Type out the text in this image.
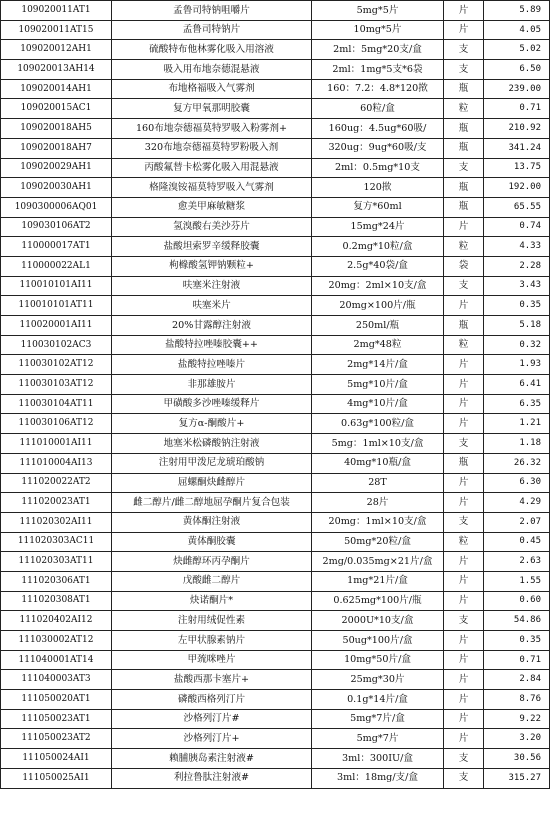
109020011AT1	孟鲁司特钠咀嚼片	5mg*5片	片	5.89
109020011AT15	孟鲁司特钠片	10mg*5片	片	4.05
109020012AH1	硫酸特布他林雾化吸入用溶液	2ml：5mg*20支/盒	支	5.02
109020013AH14	吸入用布地奈德混悬液	2ml：1mg*5支*6袋	支	6.50
109020014AH1	布地格福吸入气雾剂	160：7.2：4.8*120揿	瓶	239.00
109020015AC1	复方甲氧那明胶囊	60粒/盒	粒	0.71
109020018AH5	160布地奈德福莫特罗吸入粉雾剂+	160ug：4.5ug*60吸/	瓶	210.92
109020018AH7	320布地奈德福莫特罗粉吸入剂	320ug：9ug*60吸/支	瓶	341.24
109020029AH1	丙酸氟替卡松雾化吸入用混悬液	2ml：0.5mg*10支	支	13.75
109020030AH1	格隆溴铵福莫特罗吸入气雾剂	120揿	瓶	192.00
1090300006AQ01	愈美甲麻敏糖浆	复方*60ml	瓶	65.55
109030106AT2	氢溴酸右美沙芬片	15mg*24片	片	0.74
110000017AT1	盐酸坦索罗辛缓释胶囊	0.2mg*10粒/盒	粒	4.33
110000022AL1	枸橼酸氢钾钠颗粒+	2.5g*40袋/盒	袋	2.28
110010101AI11	呋塞米注射液	20mg：2ml×10支/盒	支	3.43
110010101AT11	呋塞米片	20mg×100片/瓶	片	0.35
110020001AI11	20%甘露醇注射液	250ml/瓶	瓶	5.18
110030102AC3	盐酸特拉唑嗪胶囊++	2mg*48粒	粒	0.32
110030102AT12	盐酸特拉唑嗪片	2mg*14片/盒	片	1.93
110030103AT12	非那雄胺片	5mg*10片/盒	片	6.41
110030104AT11	甲磺酸多沙唑嗪缓释片	4mg*10片/盒	片	6.35
110030106AT12	复方α-酮酸片+	0.63g*100粒/盒	片	1.21
111010001AI11	地塞米松磷酸钠注射液	5mg：1ml×10支/盒	支	1.18
111010004AI13	注射用甲泼尼龙琥珀酸钠	40mg*10瓶/盒	瓶	26.32
111020022AT2	屈螺酮炔雌醇片	28T	片	6.30
111020023AT1	雌二醇片/雌二醇地屈孕酮片复合包装	28片	片	4.29
111020302AI11	黄体酮注射液	20mg：1ml×10支/盒	支	2.07
111020303AC11	黄体酮胶囊	50mg*20粒/盒	粒	0.45
111020303AT11	炔雌醇环丙孕酮片	2mg/0.035mg×21片/盒	片	2.63
111020306AT1	戊酸雌二醇片	1mg*21片/盒	片	1.55
111020308AT1	炔诺酮片*	0.625mg*100片/瓶	片	0.60
111020402AI12	注射用绒促性素	2000U*10支/盒	支	54.86
111030002AT12	左甲状腺素钠片	50ug*100片/盒	片	0.35
111040001AT14	甲巯咪唑片	10mg*50片/盒	片	0.71
111040003AT3	盐酸西那卡塞片+	25mg*30片	片	2.84
111050020AT1	磷酸西格列汀片	0.1g*14片/盒	片	8.76
111050023AT1	沙格列汀片#	5mg*7片/盒	片	9.22
111050023AT2	沙格列汀片+	5mg*7片	片	3.20
111050024AI1	赖脯胰岛素注射液#	3ml：300IU/盒	支	30.56
111050025AI1	利拉鲁肽注射液#	3ml：18mg/支/盒	支	315.27
